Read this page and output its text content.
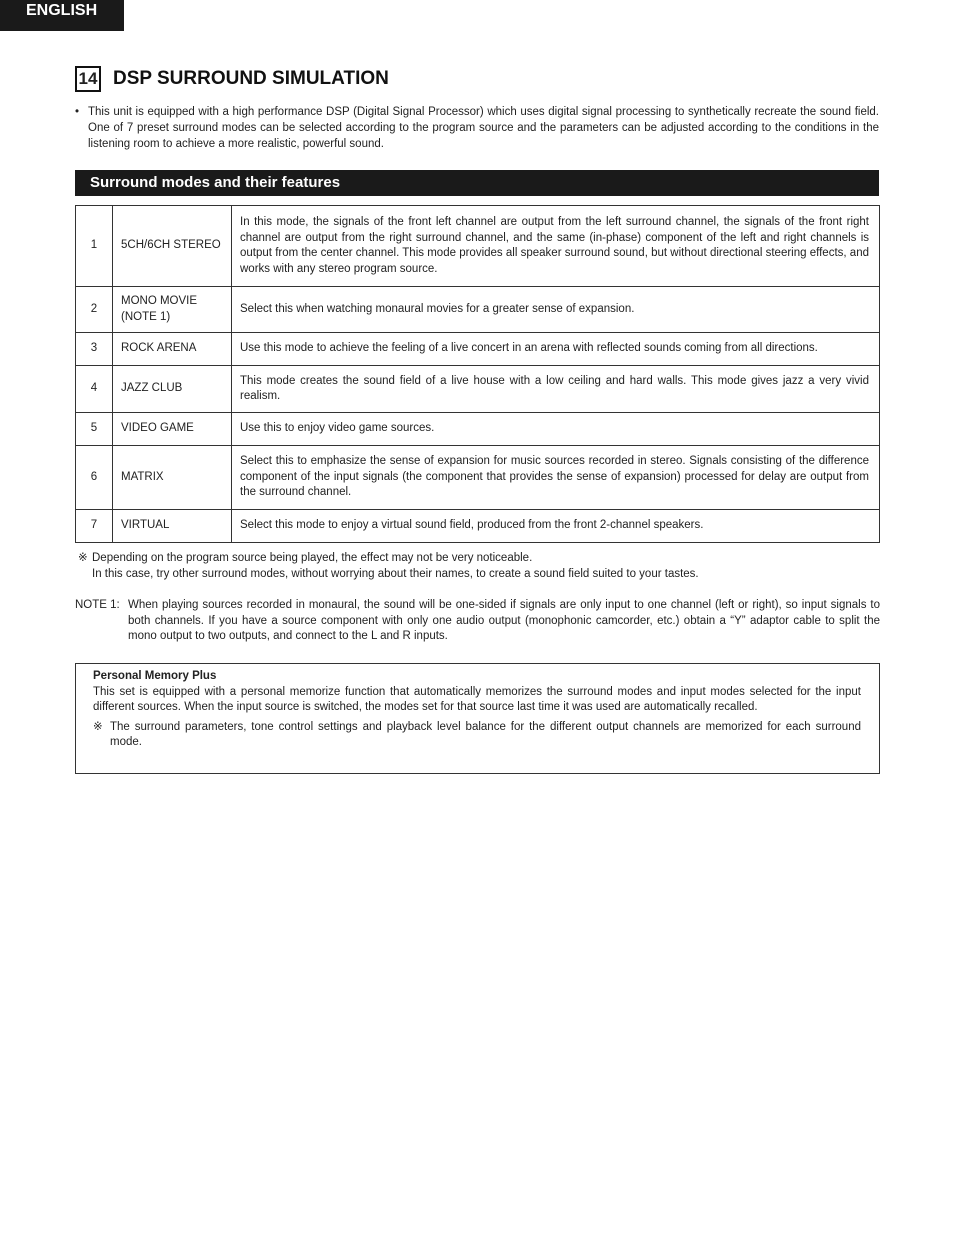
ENGLISH
14 DSP SURROUND SIMULATION
• This unit is equipped with a high performance DSP (Digital Signal Processor) which uses digital signal processing to synthetically recreate the sound field. One of 7 preset surround modes can be selected according to the program source and the parameters can be adjusted according to the conditions in the listening room to achieve a more realistic, powerful sound.
Surround modes and their features
1	5CH/6CH STEREO	In this mode, the signals of the front left channel are output from the left surround channel, the signals of the front right channel are output from the right surround channel, and the same (in-phase) component of the left and right channels is output from the center channel. This mode provides all speaker surround sound, but without directional steering effects, and works with any stereo program source.
2	MONO MOVIE (NOTE 1)	Select this when watching monaural movies for a greater sense of expansion.
3	ROCK ARENA	Use this mode to achieve the feeling of a live concert in an arena with reflected sounds coming from all directions.
4	JAZZ CLUB	This mode creates the sound field of a live house with a low ceiling and hard walls. This mode gives jazz a very vivid realism.
5	VIDEO GAME	Use this to enjoy video game sources.
6	MATRIX	Select this to emphasize the sense of expansion for music sources recorded in stereo. Signals consisting of the difference component of the input signals (the component that provides the sense of expansion) processed for delay are output from the surround channel.
7	VIRTUAL	Select this mode to enjoy a virtual sound field, produced from the front 2-channel speakers.
※ Depending on the program source being played, the effect may not be very noticeable.
In this case, try other surround modes, without worrying about their names, to create a sound field suited to your tastes.
NOTE 1: When playing sources recorded in monaural, the sound will be one-sided if signals are only input to one channel (left or right), so input signals to both channels. If you have a source component with only one audio output (monophonic camcorder, etc.) obtain a “Y” adaptor cable to split the mono output to two outputs, and connect to the L and R inputs.
Personal Memory Plus
This set is equipped with a personal memorize function that automatically memorizes the surround modes and input modes selected for the input different sources. When the input source is switched, the modes set for that source last time it was used are automatically recalled.
※ The surround parameters, tone control settings and playback level balance for the different output channels are memorized for each surround mode.
